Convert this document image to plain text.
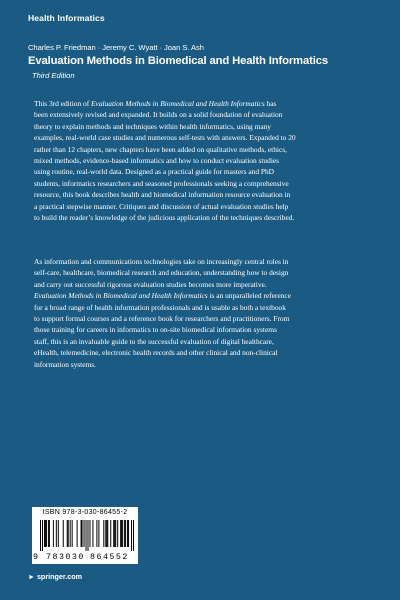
Health Informatics
Charles P. Friedman · Jeremy C. Wyatt · Joan S. Ash
Evaluation Methods in Biomedical and Health Informatics
Third Edition

This 3rd edition of Evaluation Methods in Biomedical and Health Informatics has
been extensively revised and expanded. It builds on a solid foundation of evaluation
theory to explain methods and techniques within health informatics, using many
examples, real-world case studies and numerous self-tests with answers. Expanded to 20
rather than 12 chapters, new chapters have been added on qualitative methods, ethics,
mixed methods, evidence-based informatics and how to conduct evaluation studies
using routine, real-world data. Designed as a practical guide for masters and PhD
students, informatics researchers and seasoned professionals seeking a comprehensive
resource, this book describes health and biomedical information resource evaluation in
a practical stepwise manner. Critiques and discussion of actual evaluation studies help
to build the reader’s knowledge of the judicious application of the techniques described.

As information and communications technologies take on increasingly central roles in
self-care, healthcare, biomedical research and education, understanding how to design
and carry out successful rigorous evaluation studies becomes more imperative.
Evaluation Methods in Biomedical and Health Informatics is an unparalleled reference
for a broad range of health information professionals and is usable as both a textbook
to support formal courses and a reference book for researchers and practitioners. From
those training for careers in informatics to on-site biomedical information systems
staff, this is an invaluable guide to the successful evaluation of digital healthcare,
eHealth, telemedicine, electronic health records and other clinical and non-clinical
information systems.

ISBN 978-3-030-86455-2
9 783030 864552
► springer.com
